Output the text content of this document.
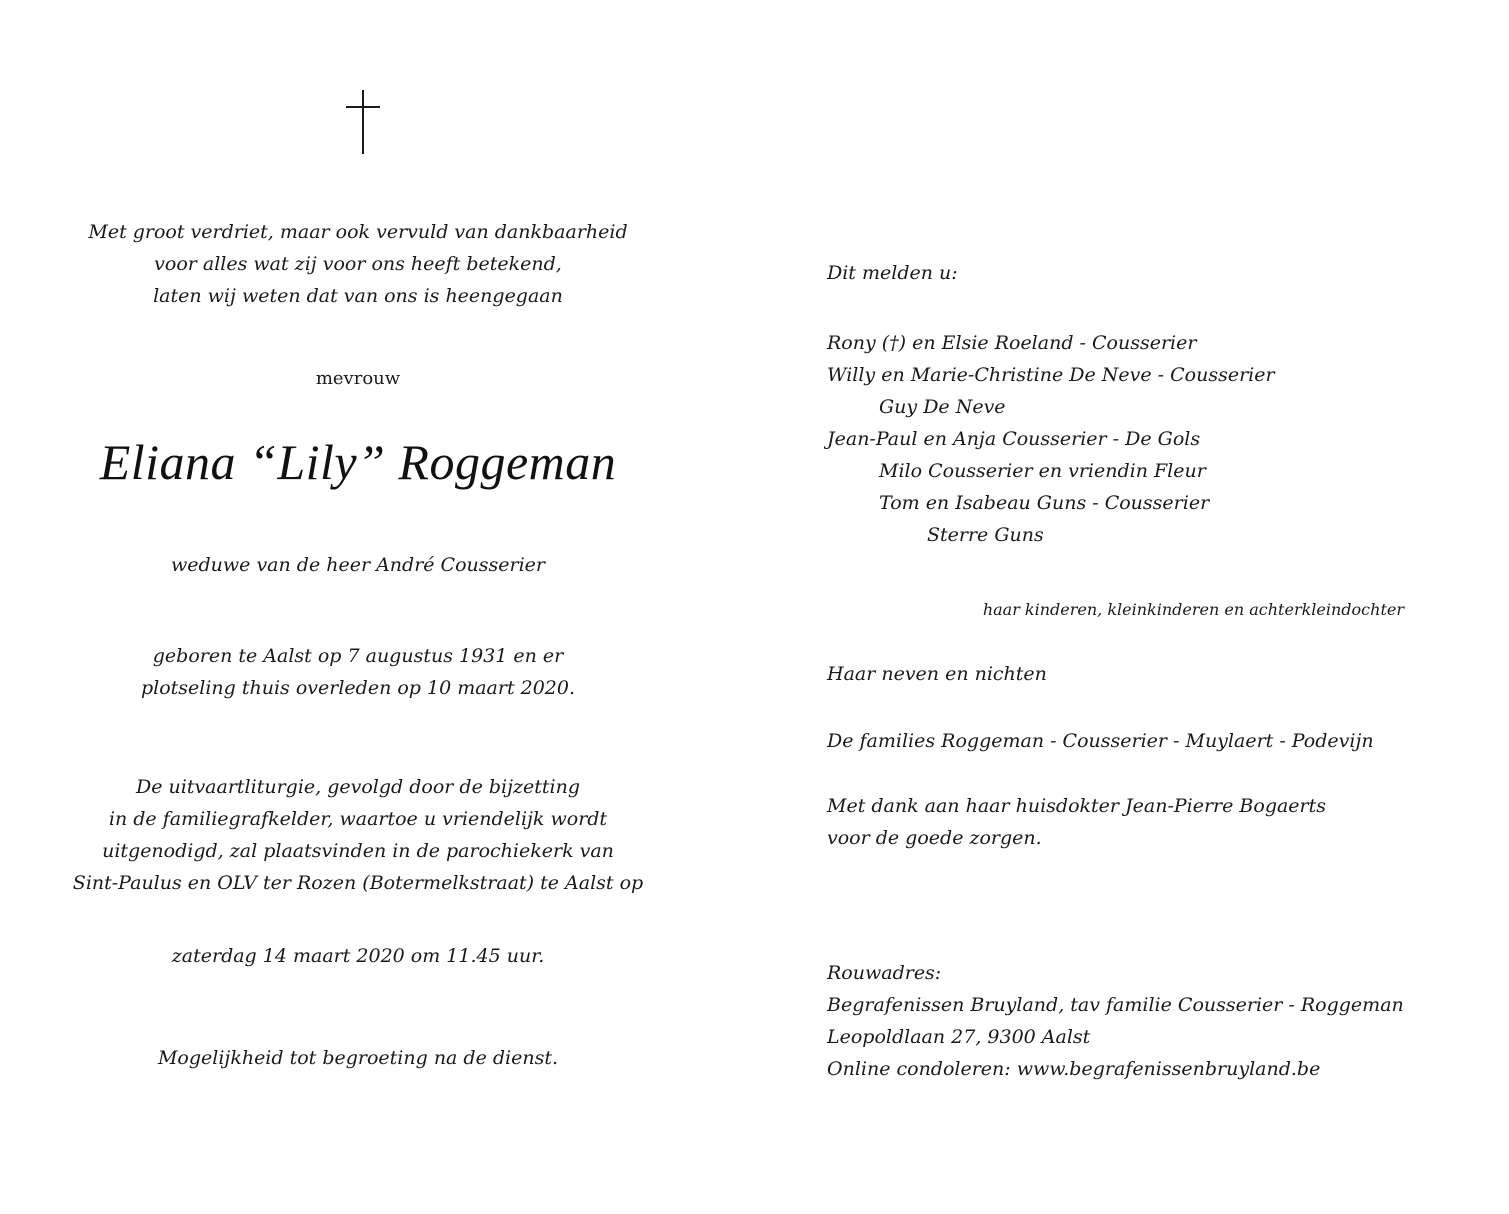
Met groot verdriet, maar ook vervuld van dankbaarheid
voor alles wat zij voor ons heeft betekend,
laten wij weten dat van ons is heengegaan
mevrouw
Eliana “Lily” Roggeman
weduwe van de heer André Cousserier
geboren te Aalst op 7 augustus 1931 en er
plotseling thuis overleden op 10 maart 2020.
De uitvaartliturgie, gevolgd door de bijzetting
in de familiegrafkelder, waartoe u vriendelijk wordt
uitgenodigd, zal plaatsvinden in de parochiekerk van
Sint-Paulus en OLV ter Rozen (Botermelkstraat) te Aalst op
zaterdag 14 maart 2020 om 11.45 uur.
Mogelijkheid tot begroeting na de dienst.
Dit melden u:
Rony (†) en Elsie Roeland - Cousserier
Willy en Marie-Christine De Neve - Cousserier
Guy De Neve
Jean-Paul en Anja Cousserier - De Gols
Milo Cousserier en vriendin Fleur
Tom en Isabeau Guns - Cousserier
Sterre Guns
haar kinderen, kleinkinderen en achterkleindochter
Haar neven en nichten
De families Roggeman - Cousserier - Muylaert - Podevijn
Met dank aan haar huisdokter Jean-Pierre Bogaerts
voor de goede zorgen.
Rouwadres:
Begrafenissen Bruyland, tav familie Cousserier - Roggeman
Leopoldlaan 27, 9300 Aalst
Online condoleren: www.begrafenissenbruyland.be
